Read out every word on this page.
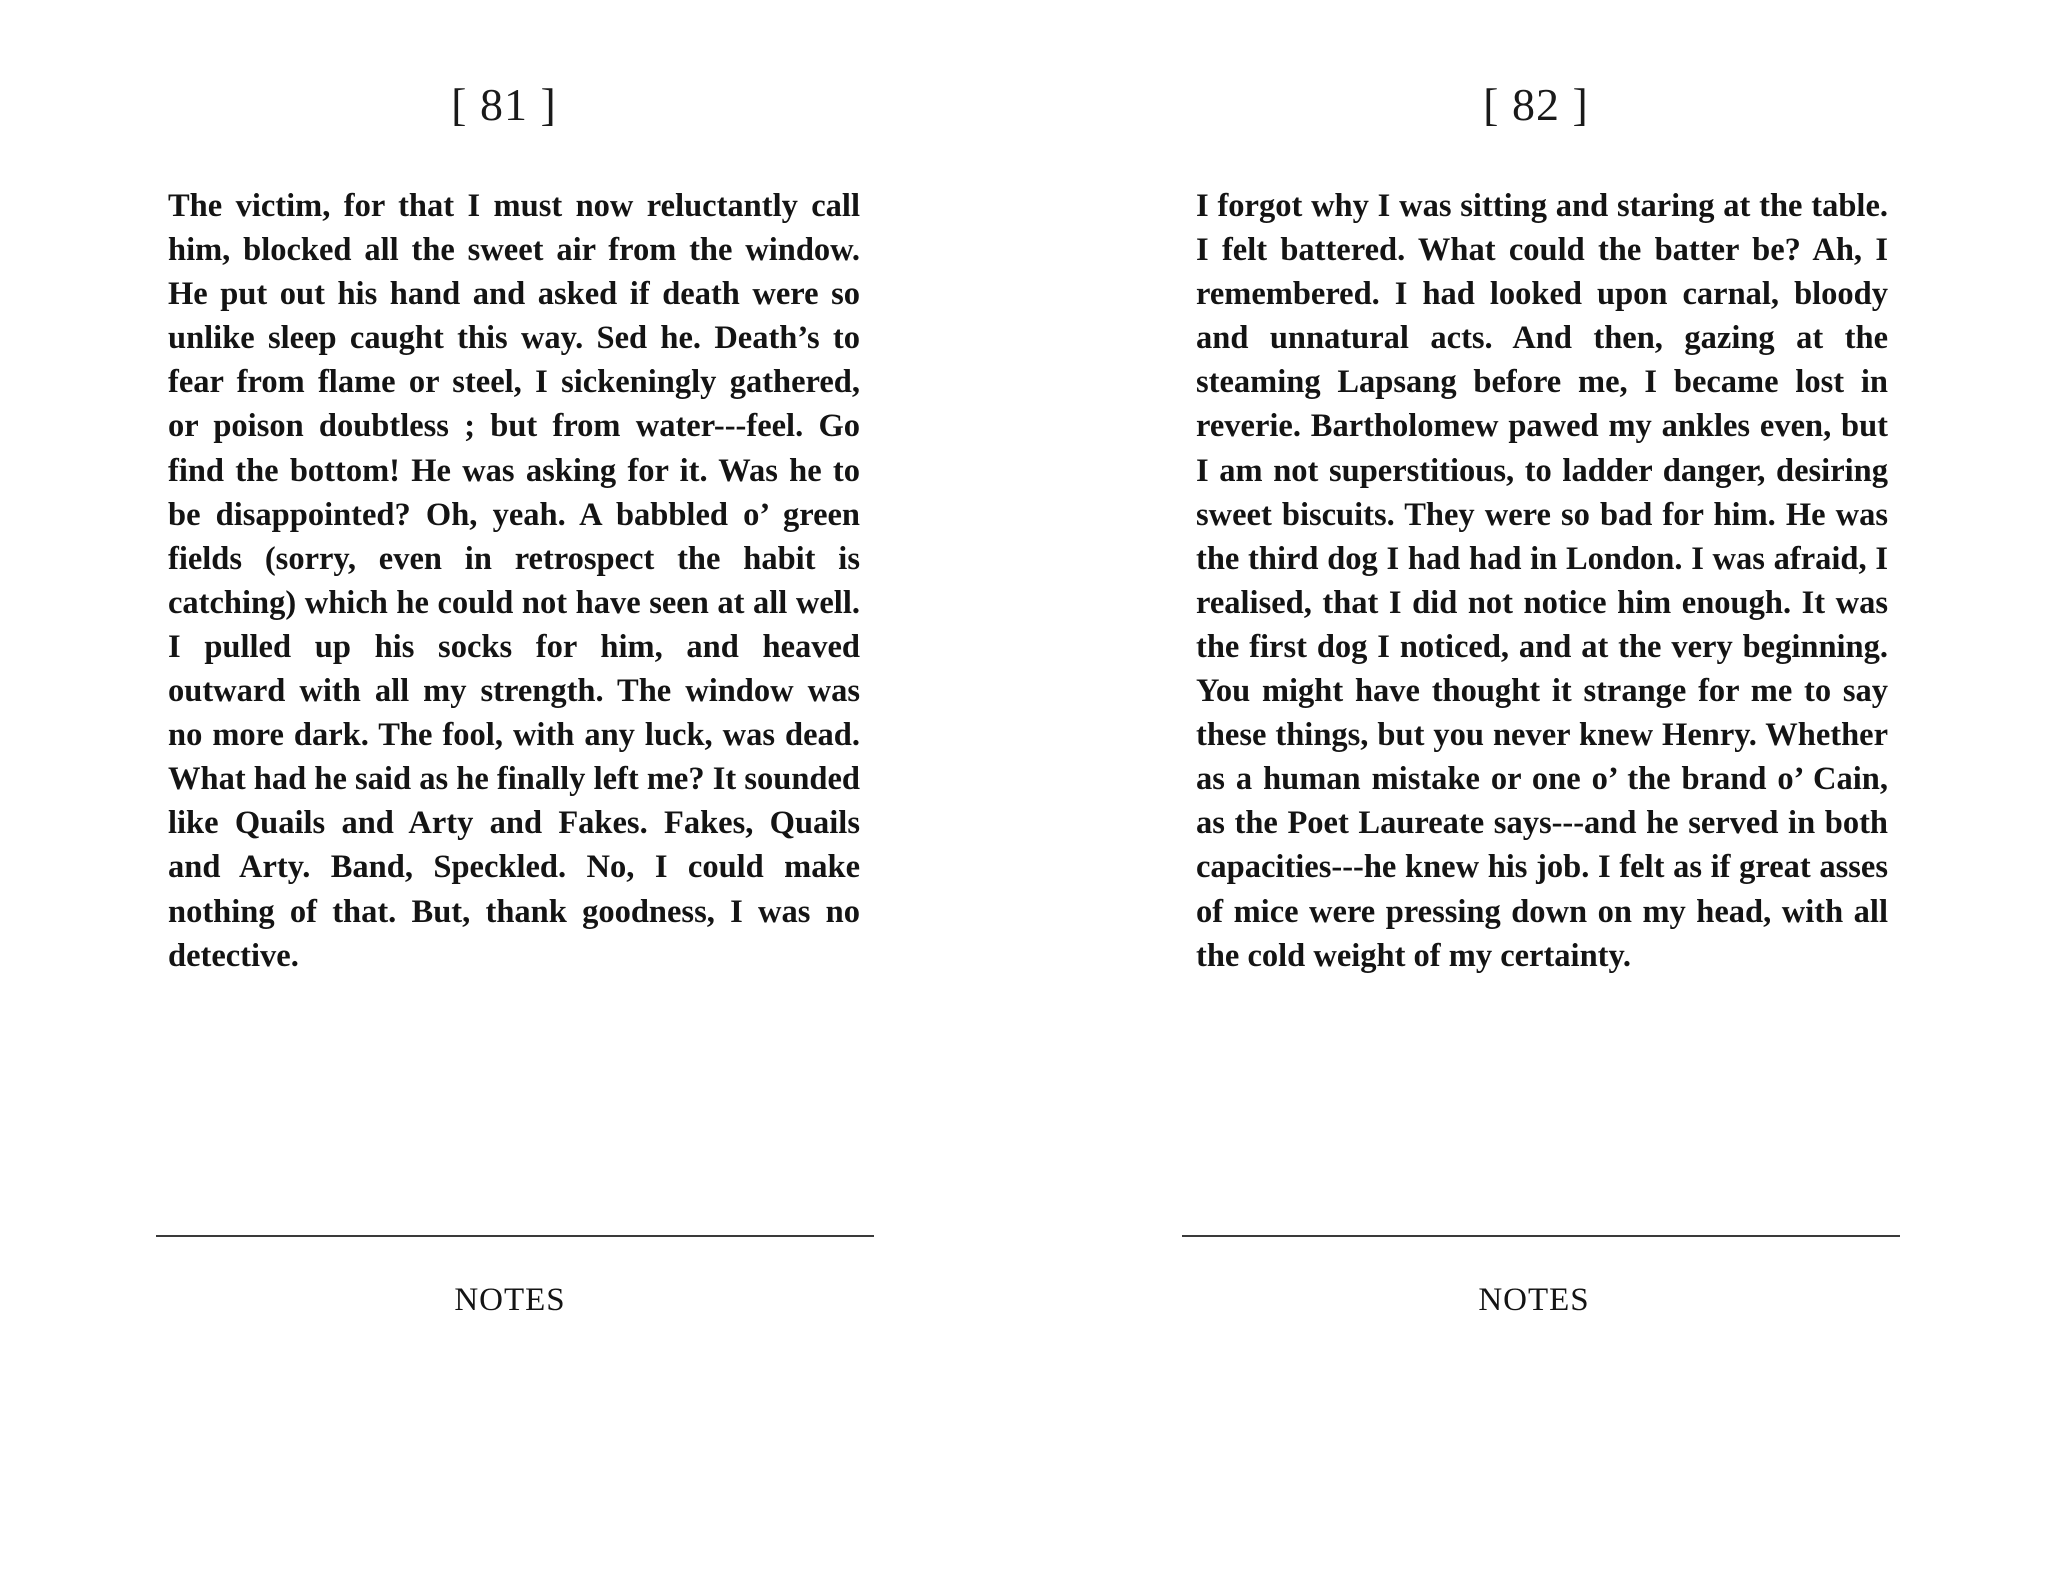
[ 81 ]

The victim, for that I must now reluctantly call him, blocked all the sweet air from the window. He put out his hand and asked if death were so unlike sleep caught this way. Sed he. Death’s to fear from flame or steel, I sickeningly gathered, or poison doubtless ; but from water---feel. Go find the bottom! He was asking for it. Was he to be disappointed? Oh, yeah. A babbled o’ green fields (sorry, even in retrospect the habit is catching) which he could not have seen at all well. I pulled up his socks for him, and heaved outward with all my strength. The window was no more dark. The fool, with any luck, was dead. What had he said as he finally left me? It sounded like Quails and Arty and Fakes. Fakes, Quails and Arty. Band, Speckled. No, I could make nothing of that. But, thank goodness, I was no detective.

NOTES
[ 82 ]

I forgot why I was sitting and staring at the table. I felt battered. What could the batter be? Ah, I remembered. I had looked upon carnal, bloody and unnatural acts. And then, gazing at the steaming Lapsang before me, I became lost in reverie. Bartholomew pawed my ankles even, but I am not superstitious, to ladder danger, desiring sweet biscuits. They were so bad for him. He was the third dog I had had in London. I was afraid, I realised, that I did not notice him enough. It was the first dog I noticed, and at the very beginning. You might have thought it strange for me to say these things, but you never knew Henry. Whether as a human mistake or one o’ the brand o’ Cain, as the Poet Laureate says---and he served in both capacities---he knew his job. I felt as if great asses of mice were pressing down on my head, with all the cold weight of my certainty.

NOTES
